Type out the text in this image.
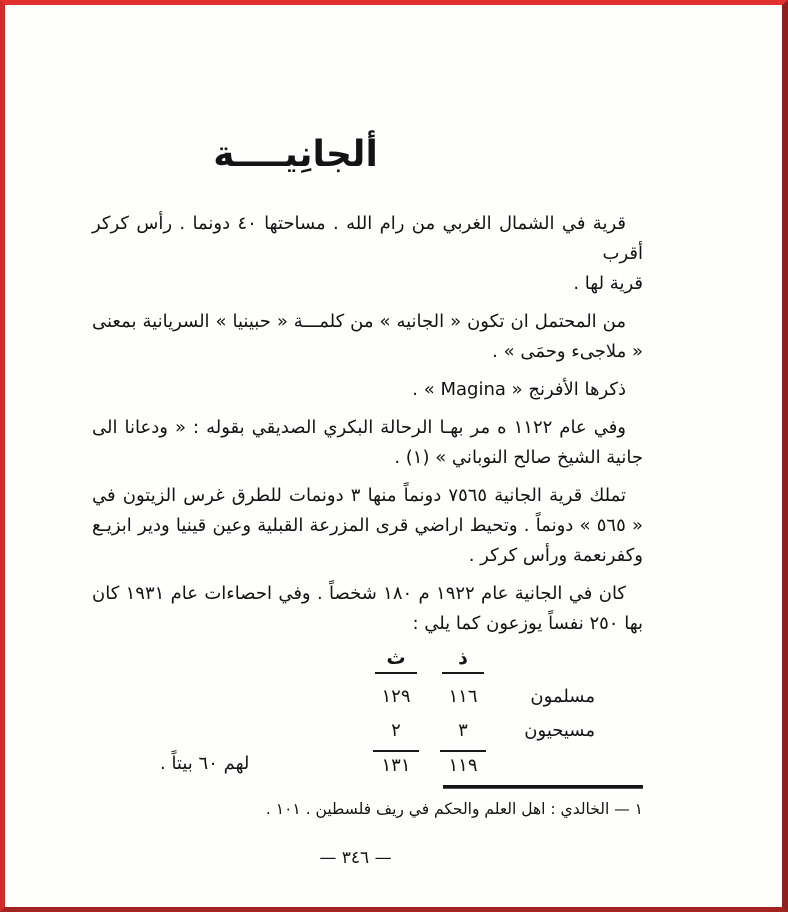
ألجانِيــــة
قرية في الشمال الغربي من رام الله . مساحتها ٤٠ دونما . رأس كركر أقرب
قرية لها .
من المحتمل ان تكون « الجانيه » من كلمـــة « حبينيا » السريانية بمعنى
« ملاجىء وحمَى » .
ذكرها الأفرنج « Magina » .
وفي عام ١١٢٢ ه مر بهـا الرحالة البكري الصديقي بقوله : « ودعانا الى
جانية الشيخ صالح النوباني » (١) .
تملك قرية الجانية ٧٥٦٥ دونماً منها ٣ دونمات للطرق غرس الزيتون في
« ٥٦٥ » دونماً . وتحيط اراضي قرى المزرعة القبلية وعين قينيا ودير ابزيـع
وكفرنعمة ورأس كركر .
كان في الجانية عام ١٩٢٢ م ١٨٠ شخصاً . وفي احصاءات عام ١٩٣١ كان
بها ٢٥٠ نفساً يوزعون كما يلي :
مسلمون
مسيحيون
ذ
١١٦
٣
١١٩
ث
١٢٩
٢
١٣١
لهم ٦٠ بيتاً .
١ — الخالدي : اهل العلم والحكم في ريف فلسطين . ١٠١ .
— ٣٤٦ —
